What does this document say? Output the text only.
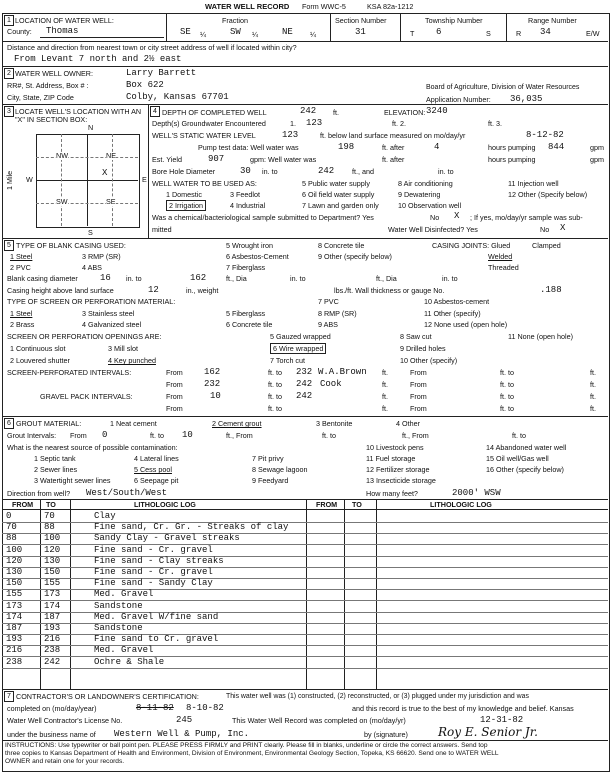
WATER WELL RECORD Form WWC-5	KSA 82a-1212
1 LOCATION OF WATER WELL:
County: Thomas
Fraction
SE ¼	SW ¼	NE ¼
Section Number
31
Township Number
T 6	S
Range Number
R 34	E/W
Distance and direction from nearest town or city street address of well if located within city?
From Levant 7 north and 2½ east
2 WATER WELL OWNER:	Larry Barrett
RR#, St. Address, Box # :	Box 622	Board of Agriculture, Division of Water Resources
City, State, ZIP Code	Colby, Kansas 67701	Application Number: 36,035
3 LOCATE WELL'S LOCATION WITH AN "X" IN SECTION BOX:
N
S
W	E
1 Mile
NW	NE
SW	SE
X
4 DEPTH OF COMPLETED WELL	242 ft.	ELEVATION: 3240
Depth(s) Groundwater Encountered	1. 123	ft. 2.	ft. 3.
WELL'S STATIC WATER LEVEL	123	ft. below land surface measured on mo/day/yr	8-12-82
Pump test data: Well water was	198	ft. after	4	hours pumping 844	gpm
Est. Yield	907	gpm: Well water was	ft. after	hours pumping	gpm
Bore Hole Diameter	30 in. to	242 ft., and	in. to
WELL WATER TO BE USED AS:	5 Public water supply	8 Air conditioning	11 Injection well
1 Domestic	3 Feedlot	6 Oil field water supply	9 Dewatering	12 Other (Specify below)
2 Irrigation	4 Industrial	7 Lawn and garden only	10 Observation well
Was a chemical/bacteriological sample submitted to Department? Yes	No X ; If yes, mo/day/yr sample was sub-
mitted	Water Well Disinfected? Yes	No X
5 TYPE OF BLANK CASING USED:	5 Wrought iron	8 Concrete tile	CASING JOINTS: Glued	Clamped
1 Steel	3 RMP (SR)	6 Asbestos-Cement	9 Other (specify below)	Welded
2 PVC	4 ABS	7 Fiberglass	Threaded
Blank casing diameter 16 in. to	162	ft., Dia	in. to	ft., Dia	in. to
Casing height above land surface	12	in., weight	lbs./ft. Wall thickness or gauge No.	.188
TYPE OF SCREEN OR PERFORATION MATERIAL:	7 PVC	10 Asbestos-cement
1 Steel	3 Stainless steel	5 Fiberglass	8 RMP (SR)	11 Other (specify)
2 Brass	4 Galvanized steel	6 Concrete tile	9 ABS	12 None used (open hole)
SCREEN OR PERFORATION OPENINGS ARE:	5 Gauzed wrapped	8 Saw cut	11 None (open hole)
1 Continuous slot	3 Mill slot	6 Wire wrapped	9 Drilled holes
2 Louvered shutter	4 Key punched	7 Torch cut	10 Other (specify)
SCREEN-PERFORATED INTERVALS:	From 162	ft. to 232 W.A.Brown ft.	From	ft. to	ft.
From 232	ft. to 242 Cook	ft.	From	ft. to	ft.
GRAVEL PACK INTERVALS:	From	10	ft. to 242	ft.	From	ft. to	ft.
From	ft. to	ft.	From	ft. to	ft.
6 GROUT MATERIAL:	1 Neat cement	2 Cement grout	3 Bentonite	4 Other
Grout Intervals: From 0	ft. to 10	ft., From	ft. to	ft., From	ft. to
What is the nearest source of possible contamination:	10 Livestock pens	14 Abandoned water well
1 Septic tank	4 Lateral lines	7 Pit privy	11 Fuel storage	15 Oil well/Gas well
2 Sewer lines	5 Cess pool	8 Sewage lagoon	12 Fertilizer storage	16 Other (specify below)
3 Watertight sewer lines	6 Seepage pit	9 Feedyard	13 Insecticide storage
Direction from well? West/South/West	How many feet?	2000' WSW
FROM TO	LITHOLOGIC LOG	FROM TO	LITHOLOGIC LOG
0	70	Clay
70	88	Fine sand, Cr. Gr. - Streaks of clay
88	100	Sandy Clay - Gravel streaks
100 120	Fine sand - Cr. gravel
120 130	Fine sand - Clay streaks
130 150	Fine sand - Cr. gravel
150 155	Fine sand - Sandy Clay
155 173	Med. Gravel
173 174	Sandstone
174 187	Med. Gravel W/fine sand
187 193	Sandstone
193 216	Fine sand to Cr. gravel
216 238	Med. Gravel
238 242	Ochre & Shale
7 CONTRACTOR'S OR LANDOWNER'S CERTIFICATION:	This water well was (1) constructed, (2) reconstructed, or (3) plugged under my jurisdiction and was
completed on (mo/day/year)	8-11-82 8-10-82	and this record is true to the best of my knowledge and belief. Kansas
Water Well Contractor's License No.	245	This Water Well Record was completed on (mo/day/yr)	12-31-82
under the business name of Western Well & Pump, Inc.	by (signature)	Roy E. Senior Jr.
INSTRUCTIONS: Use typewriter or ball point pen. PLEASE PRESS FIRMLY and PRINT clearly. Please fill in blanks, underline or circle the correct answers. Send top
three copies to Kansas Department of Health and Environment, Division of Environment, Environmental Geology Section, Topeka, KS 66620. Send one to WATER WELL
OWNER and retain one for your records.
